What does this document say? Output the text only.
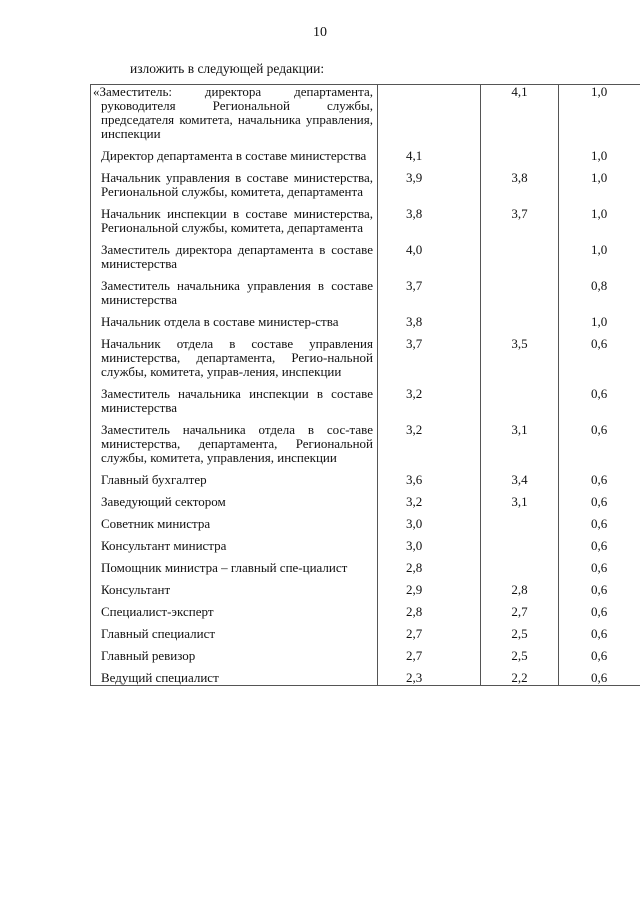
10
изложить в следующей редакции:
«Заместитель: директора департамента, руководителя Региональной службы, председателя комитета, начальника управления, инспекции		4,1	1,0

Директор департамента в составе министерства	4,1		1,0

Начальник управления в составе министерства, Региональной службы, комитета, департамента	3,9	3,8	1,0

Начальник инспекции в составе министерства, Региональной службы, комитета, департамента	3,8	3,7	1,0

Заместитель директора департамента в составе министерства	4,0		1,0

Заместитель начальника управления в составе министерства	3,7		0,8

Начальник отдела в составе министер-ства	3,8		1,0

Начальник отдела в составе управления министерства, департамента, Регио-нальной службы, комитета, управ-ления, инспекции	3,7	3,5	0,6

Заместитель начальника инспекции в составе министерства	3,2		0,6

Заместитель начальника отдела в сос-таве министерства, департамента, Региональной службы, комитета, управления, инспекции	3,2	3,1	0,6

Главный бухгалтер	3,6	3,4	0,6

Заведующий сектором	3,2	3,1	0,6

Советник министра	3,0		0,6

Консультант министра	3,0		0,6

Помощник министра – главный спе-циалист	2,8		0,6

Консультант	2,9	2,8	0,6

Специалист-эксперт	2,8	2,7	0,6

Главный специалист	2,7	2,5	0,6

Главный ревизор	2,7	2,5	0,6

Ведущий специалист	2,3	2,2	0,6
